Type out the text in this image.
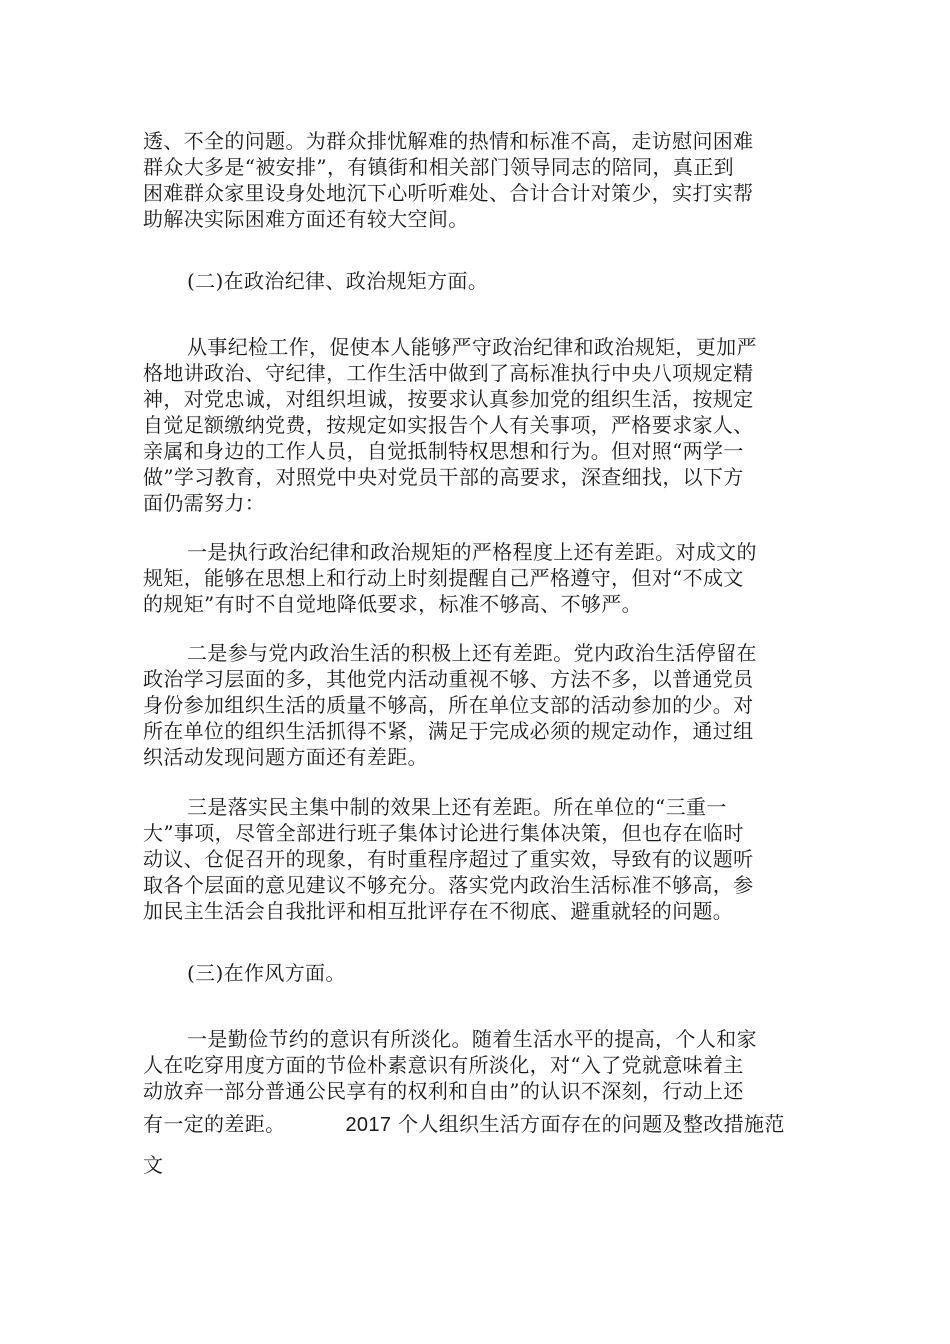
透、不全的问题。为群众排忧解难的热情和标准不高，走访慰问困难
群众大多是“被安排”，有镇街和相关部门领导同志的陪同，真正到
困难群众家里设身处地沉下心听听难处、合计合计对策少，实打实帮
助解决实际困难方面还有较大空间。
(二)在政治纪律、政治规矩方面。
从事纪检工作，促使本人能够严守政治纪律和政治规矩，更加严
格地讲政治、守纪律，工作生活中做到了高标准执行中央八项规定精
神，对党忠诚，对组织坦诚，按要求认真参加党的组织生活，按规定
自觉足额缴纳党费，按规定如实报告个人有关事项，严格要求家人、
亲属和身边的工作人员，自觉抵制特权思想和行为。但对照“两学一
做”学习教育，对照党中央对党员干部的高要求，深查细找，以下方
面仍需努力：
一是执行政治纪律和政治规矩的严格程度上还有差距。对成文的
规矩，能够在思想上和行动上时刻提醒自己严格遵守，但对“不成文
的规矩”有时不自觉地降低要求，标准不够高、不够严。
二是参与党内政治生活的积极上还有差距。党内政治生活停留在
政治学习层面的多，其他党内活动重视不够、方法不多，以普通党员
身份参加组织生活的质量不够高，所在单位支部的活动参加的少。对
所在单位的组织生活抓得不紧，满足于完成必须的规定动作，通过组
织活动发现问题方面还有差距。
三是落实民主集中制的效果上还有差距。所在单位的“三重一
大”事项，尽管全部进行班子集体讨论进行集体决策，但也存在临时
动议、仓促召开的现象，有时重程序超过了重实效，导致有的议题听
取各个层面的意见建议不够充分。落实党内政治生活标准不够高，参
加民主生活会自我批评和相互批评存在不彻底、避重就轻的问题。
(三)在作风方面。
一是勤俭节约的意识有所淡化。随着生活水平的提高，个人和家
人在吃穿用度方面的节俭朴素意识有所淡化，对“入了党就意味着主
动放弃一部分普通公民享有的权利和自由”的认识不深刻，行动上还
有一定的差距。	2017 个人组织生活方面存在的问题及整改措施范
文
